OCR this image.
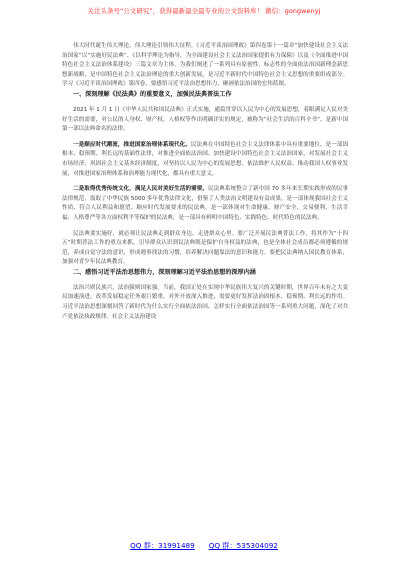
关注头条号“公文研究”，获得最新最全最专业的公文资料库！ 微信：gongwenyj

伟大时代诞生伟大理论，伟大理论引领伟大征程。《习近平谈治国理政》第四卷第十一篇章“加快建设社会主义法治国家”以“实施好民法典”、《以科学理论为指导，为全面建设社会主义法治国家提供有力保障》以及《全面推进中国特色社会主义法治体系建设》三篇文章为主体，为我们阐述了一系列具有原创性、标志性的全面依法治国新理念新思想新战略，是中国特色社会主义法治理论的重大创新发展，是习近平新时代中国特色社会主义思想的重要组成部分。学习《习近平谈治国理政》第四卷，要感悟习近平法治思想伟力，砸画依法治国的宏伟蓝图。

一、深刻理解《民法典》的重要意义，加强民法典普法工作

2021 年 1 月 1 日《中华人民共和国民法典》正式实施，通篇贯穿以人民为中心的发展思想，着眼满足人民对美好生活的需要，对公民的人身权、财产权、人格权等作出明确详实的规定，被称为“社会生活的百科全书”，是新中国第一部以法典命名的法律。

一是顺应时代潮流，推进国家治理体系现代化。民法典在中国特色社会主义法律体系中具有重要地位，是一部固根本、稳预期、利长远的基础性法律，对推进全面依法治国、加快建设中国特色社会主义法治国家，对发展社会主义市场经济、巩固社会主义基本经济制度，对坚持以人民为中心的发展思想、依法维护人民权益、推动我国人权事业发展，对推进国家治理体系和治理能力现代化，都具有重大意义。

二是取得优秀传统文化，满足人民对美好生活的需要。民法典系统整合了新中国 70 多年来长期实践形成的民事法律规范，汲取了中华民族 5000 多年优秀法律文化，借鉴了人类法治文明建设有益成果，是一部体现我国社会主义性质、符合人民利益和愿望、顺应时代发展要求的民法典，是一部体现对生命健康、财产安全、交易便利、生活幸福、人格尊严等各方面权利平等保护的民法典，是一部具有鲜明中国特色、实践特色、时代特色的民法典。

民法典要实施好，就必须让民法典走到群众身边、走进群众心里。要广泛开展民法典普法工作，将其作为“十四五”时期普法工作的重点来抓，引导群众认识到民法典既是保护自身权益的法典，也是全体社会成员都必须遵循的规范，养成自觉守法的意识，形成遇事找法的习惯，培养解决问题靠法的意识和能力。要把民法典纳入国民教育体系，加强对青少年民法典教育。

二、感悟习近平法治思想伟力，深刻理解习近平法治思想的深厚内涵

法治兴则民族兴，法治强则国家强。当前，我国正处在实现中华民族伟大复兴的关键时期，世界百年未有之大变局加速演进，改革发展稳定任务艰巨繁重，对外开放深入推进，需要更好发挥法治固根本、稳预期、利长远的作用。习近平法治思想深刻回答了新时代为什么实行全面依法治国、怎样实行全面依法治国等一系列重大问题，深化了对共产党依法执政规律、社会主义法治建设

QQ 群：31991489 QQ 群：535304092
